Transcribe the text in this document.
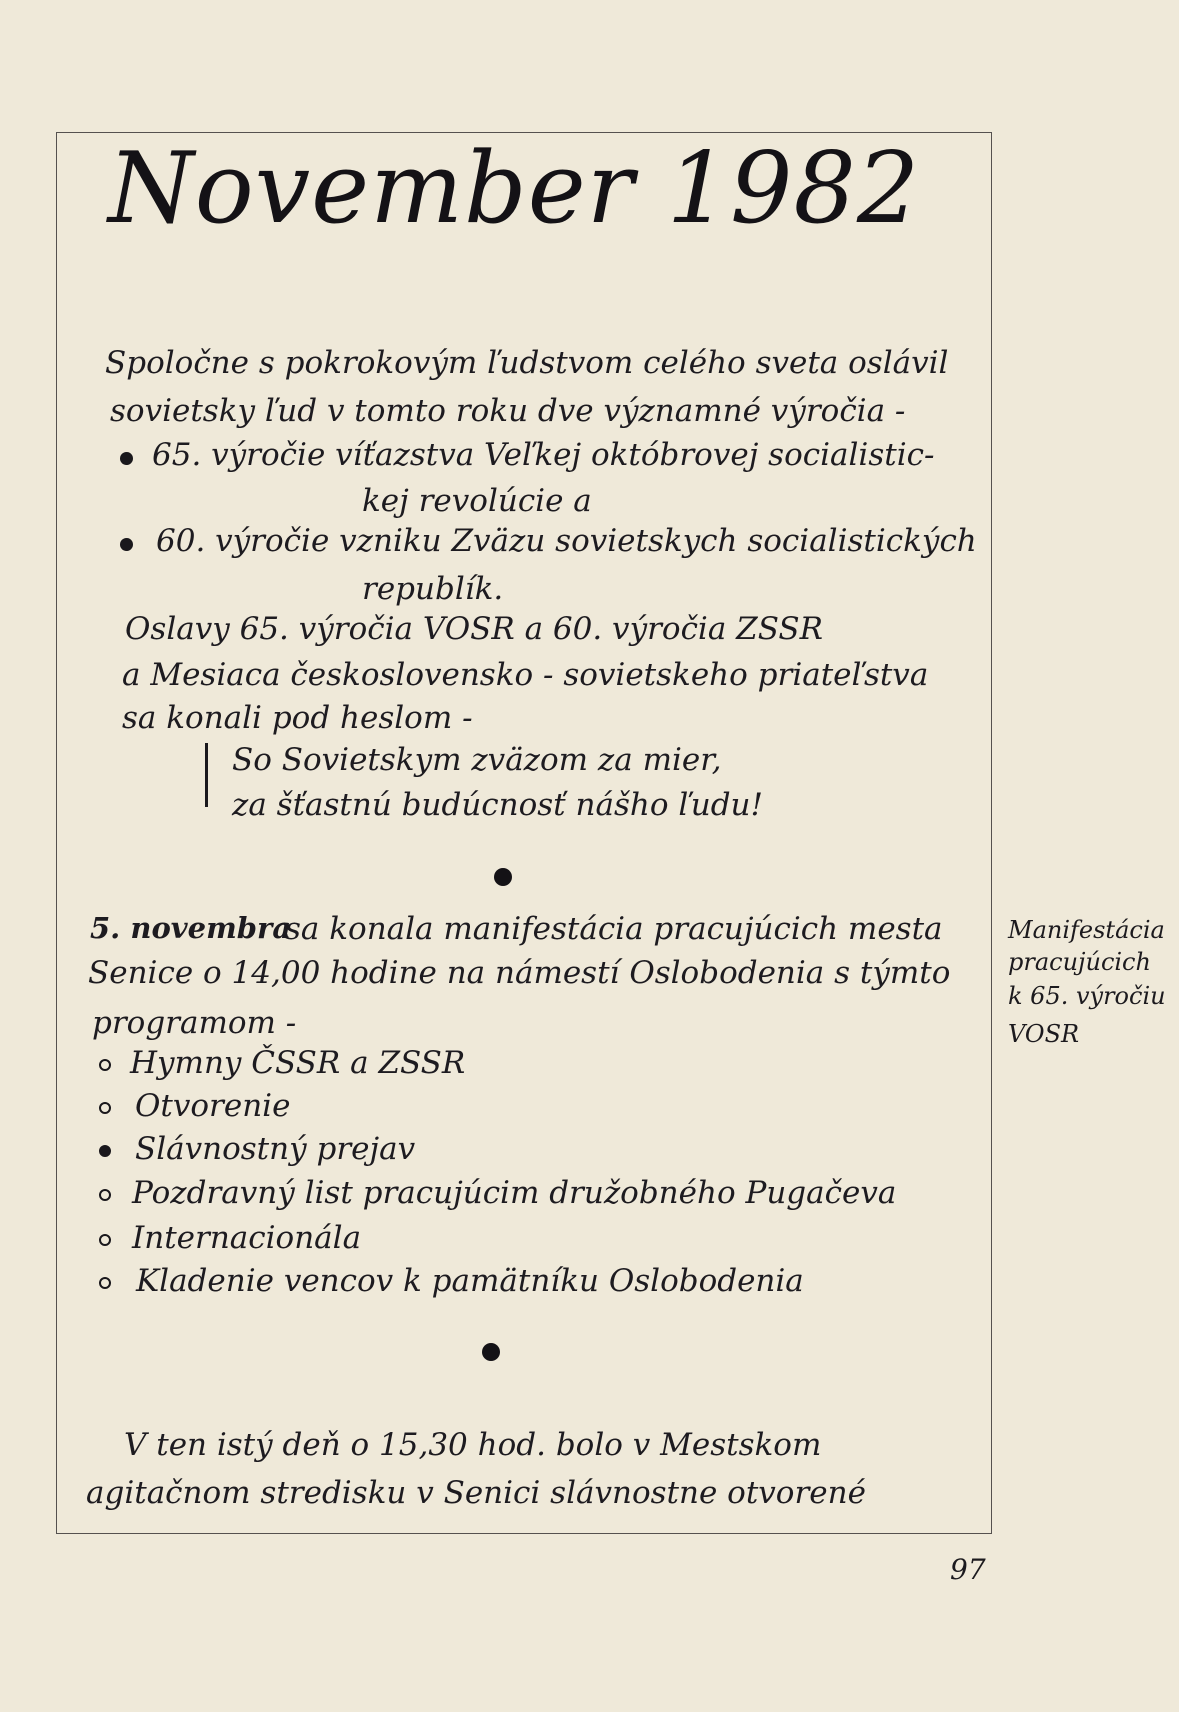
November 1982
Spoločne s pokrokovým ľudstvom celého sveta oslávil
sovietsky ľud v tomto roku dve významné výročia -
65. výročie víťazstva Veľkej októbrovej socialistic-
kej revolúcie a
60. výročie vzniku Zväzu sovietskych socialistických
republík.
Oslavy 65. výročia VOSR a 60. výročia ZSSR
a Mesiaca československo - sovietskeho priateľstva
sa konali pod heslom -
So Sovietskym zväzom za mier,
za šťastnú budúcnosť nášho ľudu!
5. novembra
sa konala manifestácia pracujúcich mesta
Senice o 14,00 hodine na námestí Oslobodenia s týmto
programom -
Hymny ČSSR a ZSSR
Otvorenie
Slávnostný prejav
Pozdravný list pracujúcim družobného Pugačeva
Internacionála
Kladenie vencov k pamätníku Oslobodenia
V ten istý deň o 15,30 hod. bolo v Mestskom
agitačnom stredisku v Senici slávnostne otvorené
Manifestácia
pracujúcich
k 65. výročiu
VOSR
97
